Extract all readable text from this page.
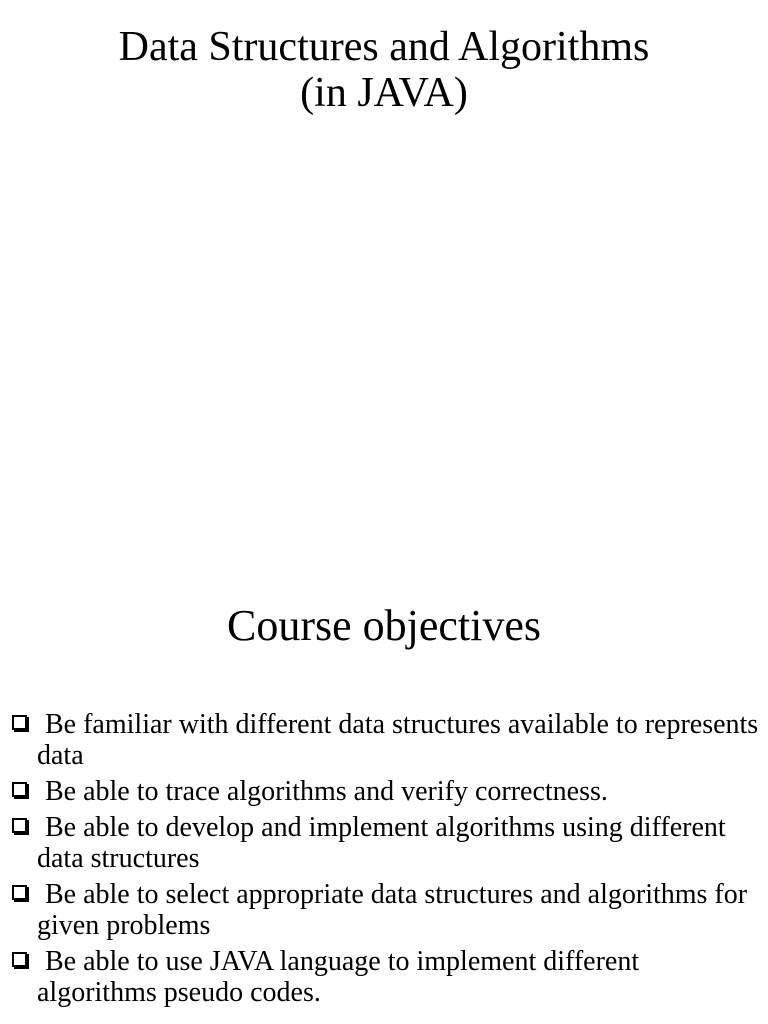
Data Structures and Algorithms
(in JAVA)
Course objectives
Be familiar with different data structures available to represents data
Be able to trace algorithms and verify correctness.
Be able to develop and implement algorithms using different data structures
Be able to select appropriate data structures and algorithms for given problems
Be able to use JAVA language to implement different algorithms pseudo codes.
